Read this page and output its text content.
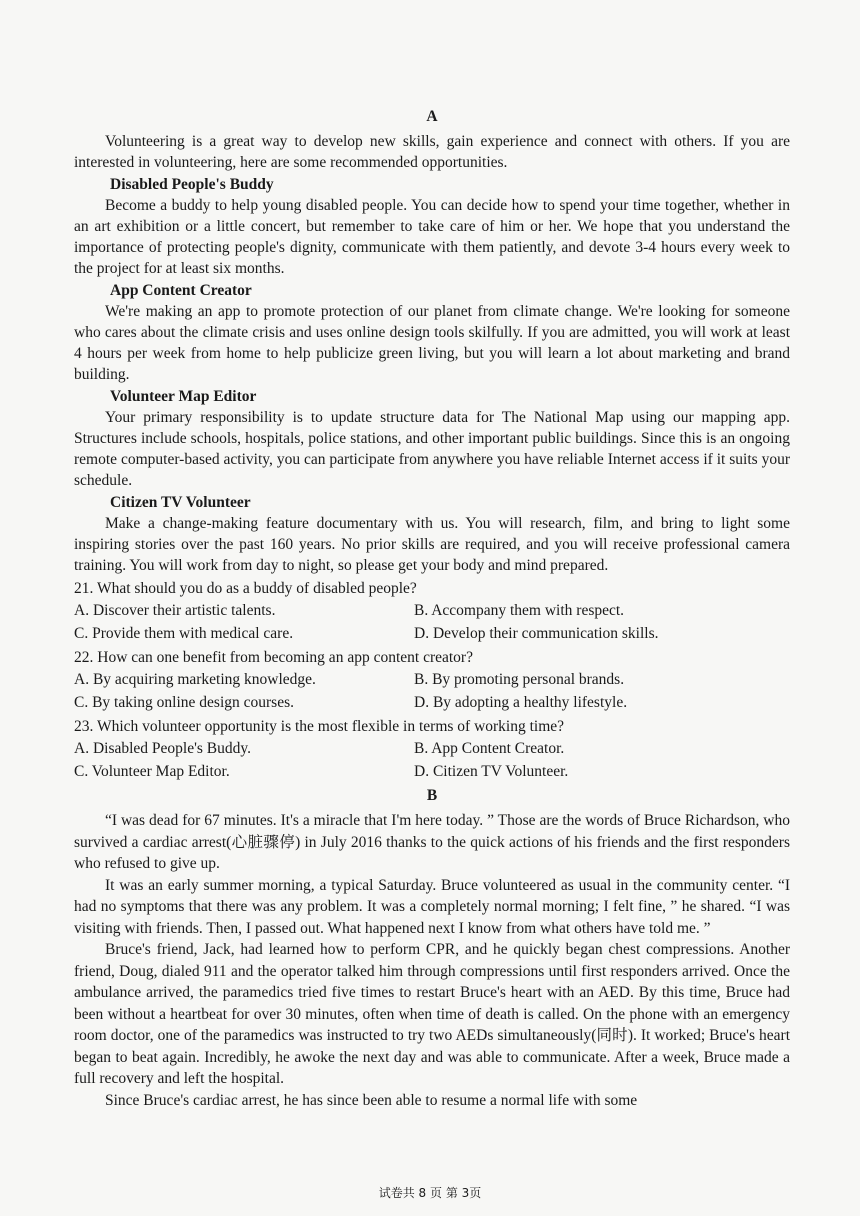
A

Volunteering is a great way to develop new skills, gain experience and connect with others. If you are interested in volunteering, here are some recommended opportunities.

Disabled People's Buddy

Become a buddy to help young disabled people. You can decide how to spend your time together, whether in an art exhibition or a little concert, but remember to take care of him or her. We hope that you understand the importance of protecting people's dignity, communicate with them patiently, and devote 3-4 hours every week to the project for at least six months.

App Content Creator

We're making an app to promote protection of our planet from climate change. We're looking for someone who cares about the climate crisis and uses online design tools skilfully. If you are admitted, you will work at least 4 hours per week from home to help publicize green living, but you will learn a lot about marketing and brand building.

Volunteer Map Editor

Your primary responsibility is to update structure data for The National Map using our mapping app. Structures include schools, hospitals, police stations, and other important public buildings. Since this is an ongoing remote computer-based activity, you can participate from anywhere you have reliable Internet access if it suits your schedule.

Citizen TV Volunteer

Make a change-making feature documentary with us. You will research, film, and bring to light some inspiring stories over the past 160 years. No prior skills are required, and you will receive professional camera training. You will work from day to night, so please get your body and mind prepared.

21. What should you do as a buddy of disabled people?
A. Discover their artistic talents.	B. Accompany them with respect.
C. Provide them with medical care.	D. Develop their communication skills.
22. How can one benefit from becoming an app content creator?
A. By acquiring marketing knowledge.	B. By promoting personal brands.
C. By taking online design courses.	D. By adopting a healthy lifestyle.
23. Which volunteer opportunity is the most flexible in terms of working time?
A. Disabled People's Buddy.	B. App Content Creator.
C. Volunteer Map Editor.	D. Citizen TV Volunteer.
B

“I was dead for 67 minutes. It's a miracle that I'm here today. ” Those are the words of Bruce Richardson, who survived a cardiac arrest(心脏骤停) in July 2016 thanks to the quick actions of his friends and the first responders who refused to give up.

It was an early summer morning, a typical Saturday. Bruce volunteered as usual in the community center. “I had no symptoms that there was any problem. It was a completely normal morning; I felt fine, ” he shared. “I was visiting with friends. Then, I passed out. What happened next I know from what others have told me. ”

Bruce's friend, Jack, had learned how to perform CPR, and he quickly began chest compressions. Another friend, Doug, dialed 911 and the operator talked him through compressions until first responders arrived. Once the ambulance arrived, the paramedics tried five times to restart Bruce's heart with an AED. By this time, Bruce had been without a heartbeat for over 30 minutes, often when time of death is called. On the phone with an emergency room doctor, one of the paramedics was instructed to try two AEDs simultaneously(同时). It worked; Bruce's heart began to beat again. Incredibly, he awoke the next day and was able to communicate. After a week, Bruce made a full recovery and left the hospital.

Since Bruce's cardiac arrest, he has since been able to resume a normal life with some

试卷共 8 页 第 3页
